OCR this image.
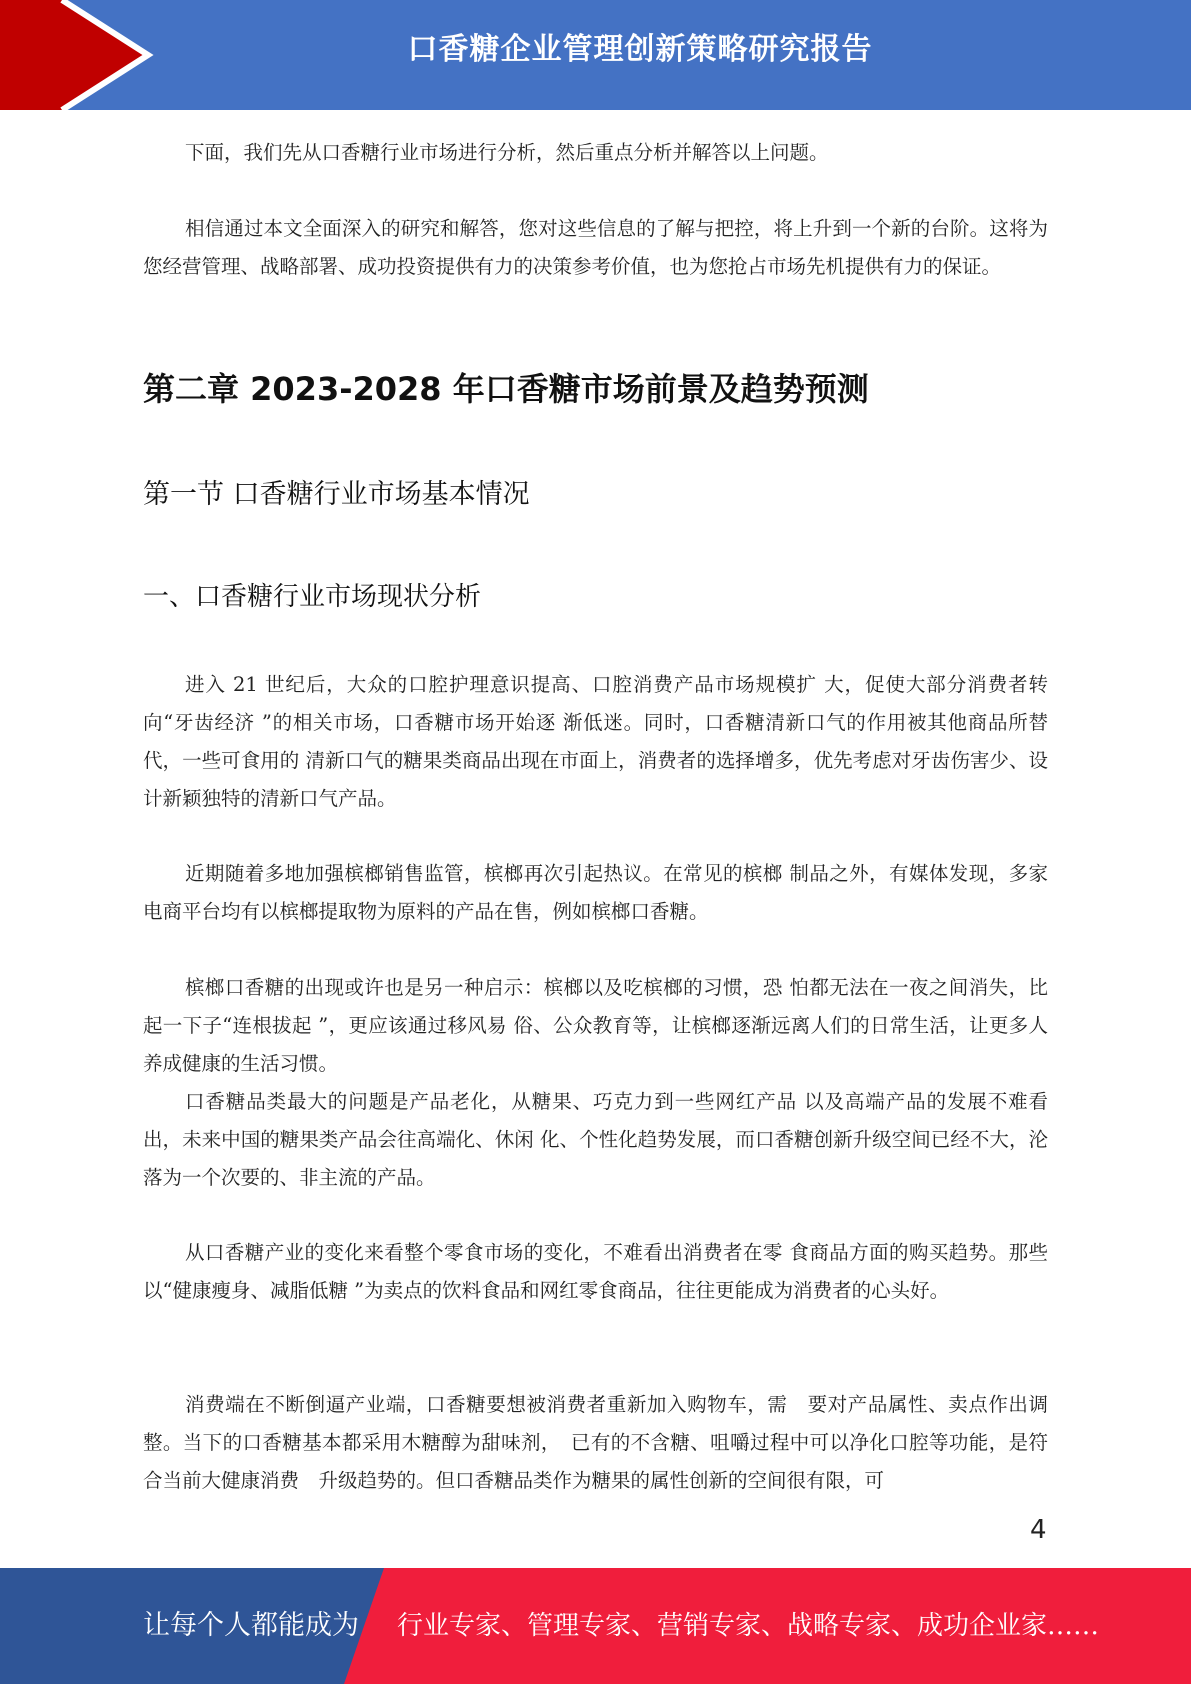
口香糖企业管理创新策略研究报告

下面，我们先从口香糖行业市场进行分析，然后重点分析并解答以上问题。

相信通过本文全面深入的研究和解答，您对这些信息的了解与把控，将上升到一个新的台阶。这将为您经营管理、战略部署、成功投资提供有力的决策参考价值，也为您抢占市场先机提供有力的保证。

第二章 2023-2028 年口香糖市场前景及趋势预测
第一节 口香糖行业市场基本情况
一、口香糖行业市场现状分析

进入 21 世纪后，大众的口腔护理意识提高、口腔消费产品市场规模扩 大，促使大部分消费者转向“牙齿经济 ”的相关市场，口香糖市场开始逐 渐低迷。同时，口香糖清新口气的作用被其他商品所替代，一些可食用的 清新口气的糖果类商品出现在市面上，消费者的选择增多，优先考虑对牙齿伤害少、设计新颖独特的清新口气产品。

近期随着多地加强槟榔销售监管，槟榔再次引起热议。在常见的槟榔 制品之外，有媒体发现，多家电商平台均有以槟榔提取物为原料的产品在售，例如槟榔口香糖。

槟榔口香糖的出现或许也是另一种启示：槟榔以及吃槟榔的习惯，恐 怕都无法在一夜之间消失，比起一下子“连根拔起 ”，更应该通过移风易 俗、公众教育等，让槟榔逐渐远离人们的日常生活，让更多人养成健康的生活习惯。

口香糖品类最大的问题是产品老化，从糖果、巧克力到一些网红产品 以及高端产品的发展不难看出，未来中国的糖果类产品会往高端化、休闲 化、个性化趋势发展，而口香糖创新升级空间已经不大，沦落为一个次要的、非主流的产品。

从口香糖产业的变化来看整个零食市场的变化，不难看出消费者在零 食商品方面的购买趋势。那些以“健康瘦身、减脂低糖 ”为卖点的饮料食品和网红零食商品，往往更能成为消费者的心头好。

消费端在不断倒逼产业端，口香糖要想被消费者重新加入购物车，需　要对产品属性、卖点作出调整。当下的口香糖基本都采用木糖醇为甜味剂，　已有的不含糖、咀嚼过程中可以净化口腔等功能，是符合当前大健康消费　升级趋势的。但口香糖品类作为糖果的属性创新的空间很有限，可

4
让每个人都能成为 行业专家、管理专家、营销专家、战略专家、成功企业家……
